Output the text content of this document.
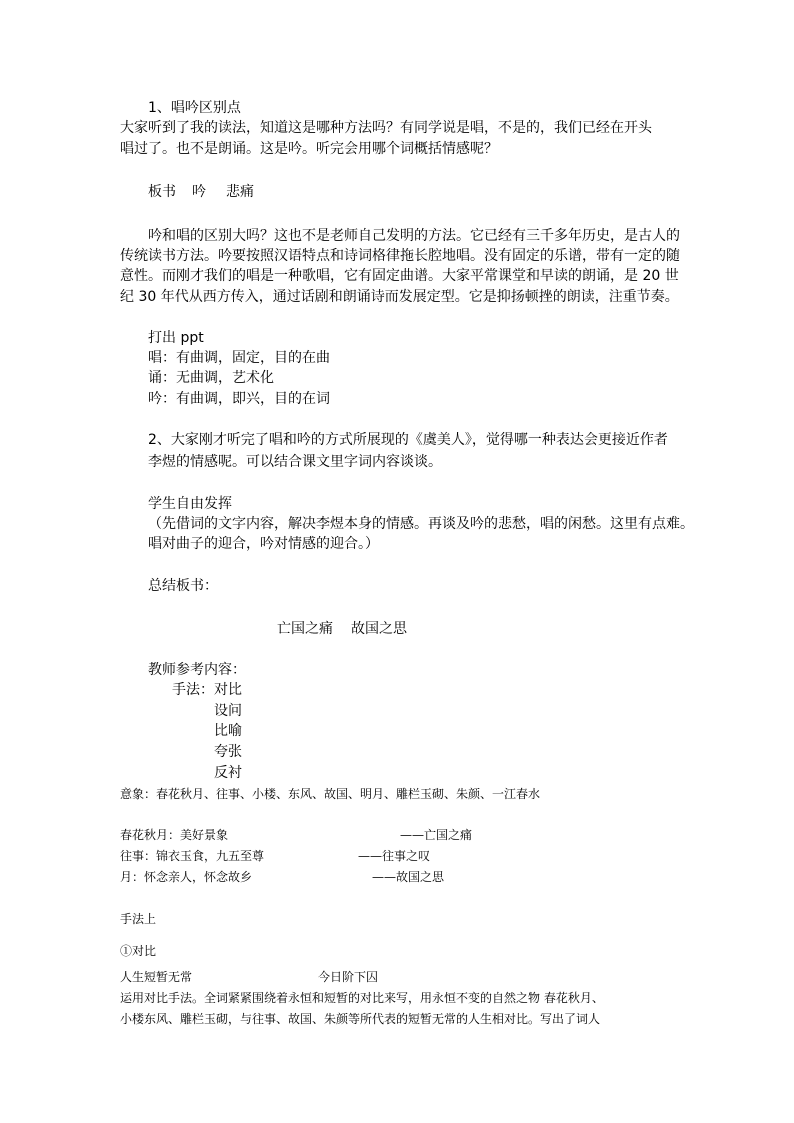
1、唱吟区别点
大家听到了我的读法，知道这是哪种方法吗？有同学说是唱，不是的，我们已经在开头
唱过了。也不是朗诵。这是吟。听完会用哪个词概括情感呢？
板书 吟 悲痛
吟和唱的区别大吗？这也不是老师自己发明的方法。它已经有三千多年历史，是古人的
传统读书方法。吟要按照汉语特点和诗词格律拖长腔地唱。没有固定的乐谱，带有一定的随
意性。而刚才我们的唱是一种歌唱，它有固定曲谱。大家平常课堂和早读的朗诵，是 20 世
纪 30 年代从西方传入，通过话剧和朗诵诗而发展定型。它是抑扬顿挫的朗读，注重节奏。
打出 ppt
唱：有曲调，固定，目的在曲
诵：无曲调，艺术化
吟：有曲调，即兴，目的在词
2、大家刚才听完了唱和吟的方式所展现的《虞美人》，觉得哪一种表达会更接近作者
李煜的情感呢。可以结合课文里字词内容谈谈。
学生自由发挥
（先借词的文字内容，解决李煜本身的情感。再谈及吟的悲愁，唱的闲愁。这里有点难。
唱对曲子的迎合，吟对情感的迎合。）
总结板书：
亡国之痛 故国之思
教师参考内容：
手法：对比
设问
比喻
夸张
反衬
意象：春花秋月、往事、小楼、东风、故国、明月、雕栏玉砌、朱颜、一江春水
春花秋月：美好景象	——亡国之痛
往事：锦衣玉食，九五至尊	——往事之叹
月：怀念亲人，怀念故乡	——故国之思
手法上
①对比
人生短暂无常	今日阶下囚
运用对比手法。全词紧紧围绕着永恒和短暂的对比来写，用永恒不变的自然之物 春花秋月、
小楼东风、雕栏玉砌，与往事、故国、朱颜等所代表的短暂无常的人生相对比。写出了词人
